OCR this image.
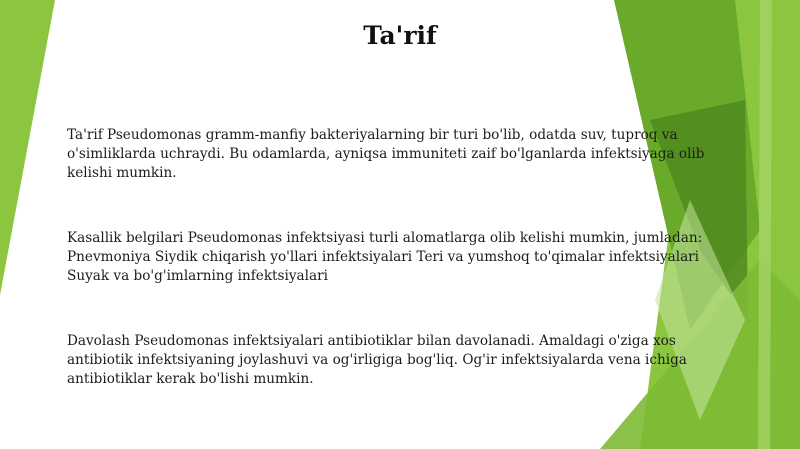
Ta'rif

Ta'rif Pseudomonas gramm-manfiy bakteriyalarning bir turi bo'lib, odatda suv, tuproq va
o'simliklarda uchraydi. Bu odamlarda, ayniqsa immuniteti zaif bo'lganlarda infektsiyaga olib
kelishi mumkin.

Kasallik belgilari Pseudomonas infektsiyasi turli alomatlarga olib kelishi mumkin, jumladan:
Pnevmoniya Siydik chiqarish yo'llari infektsiyalari Teri va yumshoq to'qimalar infektsiyalari
Suyak va bo'g'imlarning infektsiyalari

Davolash Pseudomonas infektsiyalari antibiotiklar bilan davolanadi. Amaldagi o'ziga xos
antibiotik infektsiyaning joylashuvi va og'irligiga bog'liq. Og'ir infektsiyalarda vena ichiga
antibiotiklar kerak bo'lishi mumkin.
